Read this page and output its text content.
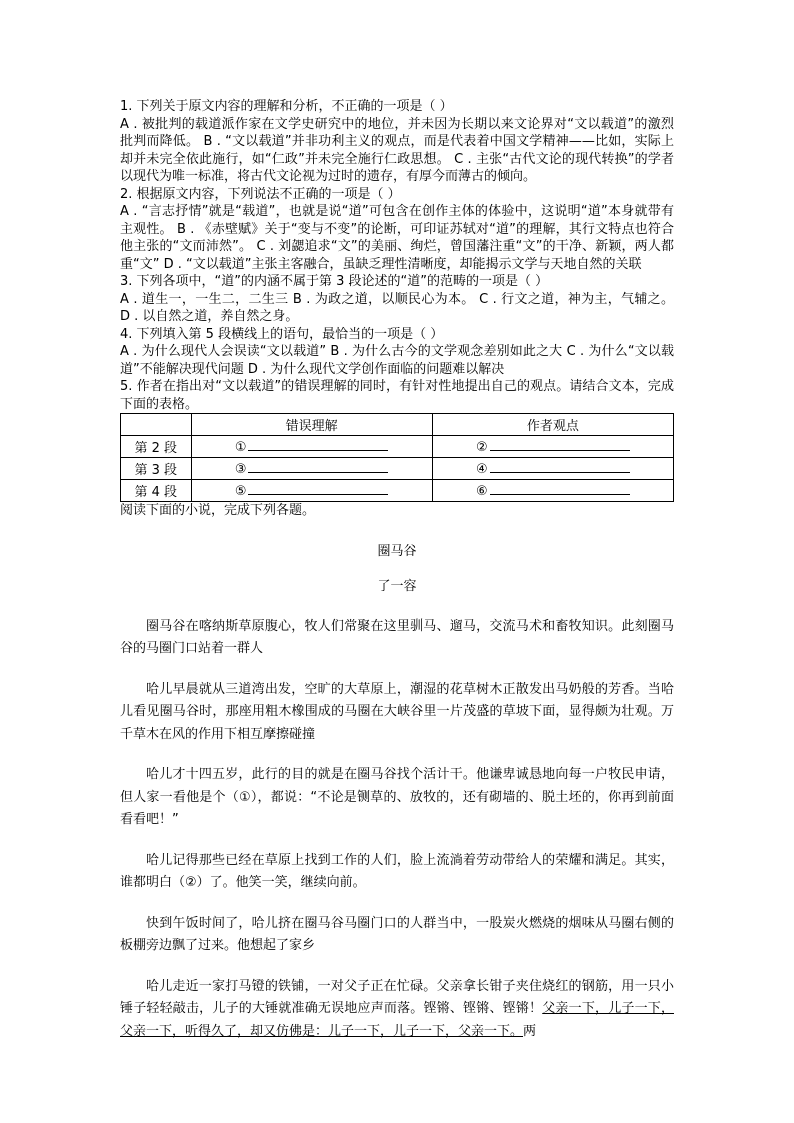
1. 下列关于原文内容的理解和分析，不正确的一项是（ ）

A . 被批判的载道派作家在文学史研究中的地位，并未因为长期以来文论界对“文以载道”的激烈批判而降低。 B . “文以载道”并非功利主义的观点，而是代表着中国文学精神——比如，实际上却并未完全依此施行，如“仁政”并未完全施行仁政思想。 C . 主张“古代文论的现代转换”的学者以现代为唯一标准，将古代文论视为过时的遗存，有厚今而薄古的倾向。

2. 根据原文内容，下列说法不正确的一项是（ ）

A . “言志抒情”就是“载道”，也就是说“道”可包含在创作主体的体验中，这说明“道”本身就带有主观性。 B . 《赤壁赋》关于“变与不变”的论断，可印证苏轼对“道”的理解，其行文特点也符合他主张的“文而沛然”。 C . 刘勰追求“文”的美丽、绚烂，曾国藩注重“文”的干净、新颖，两人都重“文” D . “文以载道”主张主客融合，虽缺乏理性清晰度，却能揭示文学与天地自然的关联

3. 下列各项中，“道”的内涵不属于第 3 段论述的“道”的范畴的一项是（ ）

A . 道生一，一生二，二生三 B . 为政之道，以顺民心为本。 C . 行文之道，神为主，气辅之。 D . 以自然之道，养自然之身。

4. 下列填入第 5 段横线上的语句，最恰当的一项是（ ）

A . 为什么现代人会误读“文以载道” B . 为什么古今的文学观念差别如此之大 C . 为什么“文以载道”不能解决现代问题 D . 为什么现代文学创作面临的问题难以解决

5. 作者在指出对“文以载道”的错误理解的同时，有针对性地提出自己的观点。请结合文本，完成下面的表格。

	错误理解	作者观点
第 2 段	①	②
第 3 段	③	④
第 4 段	⑤	⑥

阅读下面的小说，完成下列各题。

圈马谷
了一容

圈马谷在喀纳斯草原腹心，牧人们常聚在这里驯马、遛马，交流马术和畜牧知识。此刻圈马谷的马圈门口站着一群人

哈儿早晨就从三道湾出发，空旷的大草原上，潮湿的花草树木正散发出马奶般的芳香。当哈儿看见圈马谷时，那座用粗木橡围成的马圈在大峡谷里一片茂盛的草坡下面，显得颇为壮观。万千草木在风的作用下相互摩擦碰撞

哈儿才十四五岁，此行的目的就是在圈马谷找个活计干。他谦卑诚恳地向每一户牧民申请，但人家一看他是个（①），都说：“不论是铡草的、放牧的，还有砌墙的、脱土坯的，你再到前面看看吧！”

哈儿记得那些已经在草原上找到工作的人们，脸上流淌着劳动带给人的荣耀和满足。其实，谁都明白（②）了。他笑一笑，继续向前。

快到午饭时间了，哈儿挤在圈马谷马圈门口的人群当中，一股炭火燃烧的烟味从马圈右侧的板棚旁边飘了过来。他想起了家乡

哈儿走近一家打马镫的铁铺，一对父子正在忙碌。父亲拿长钳子夹住烧红的钢筋，用一只小锤子轻轻敲击，儿子的大锤就准确无误地应声而落。铿锵、铿锵、铿锵！父亲一下，儿子一下，父亲一下，听得久了，却又仿佛是：儿子一下，儿子一下，父亲一下。两
